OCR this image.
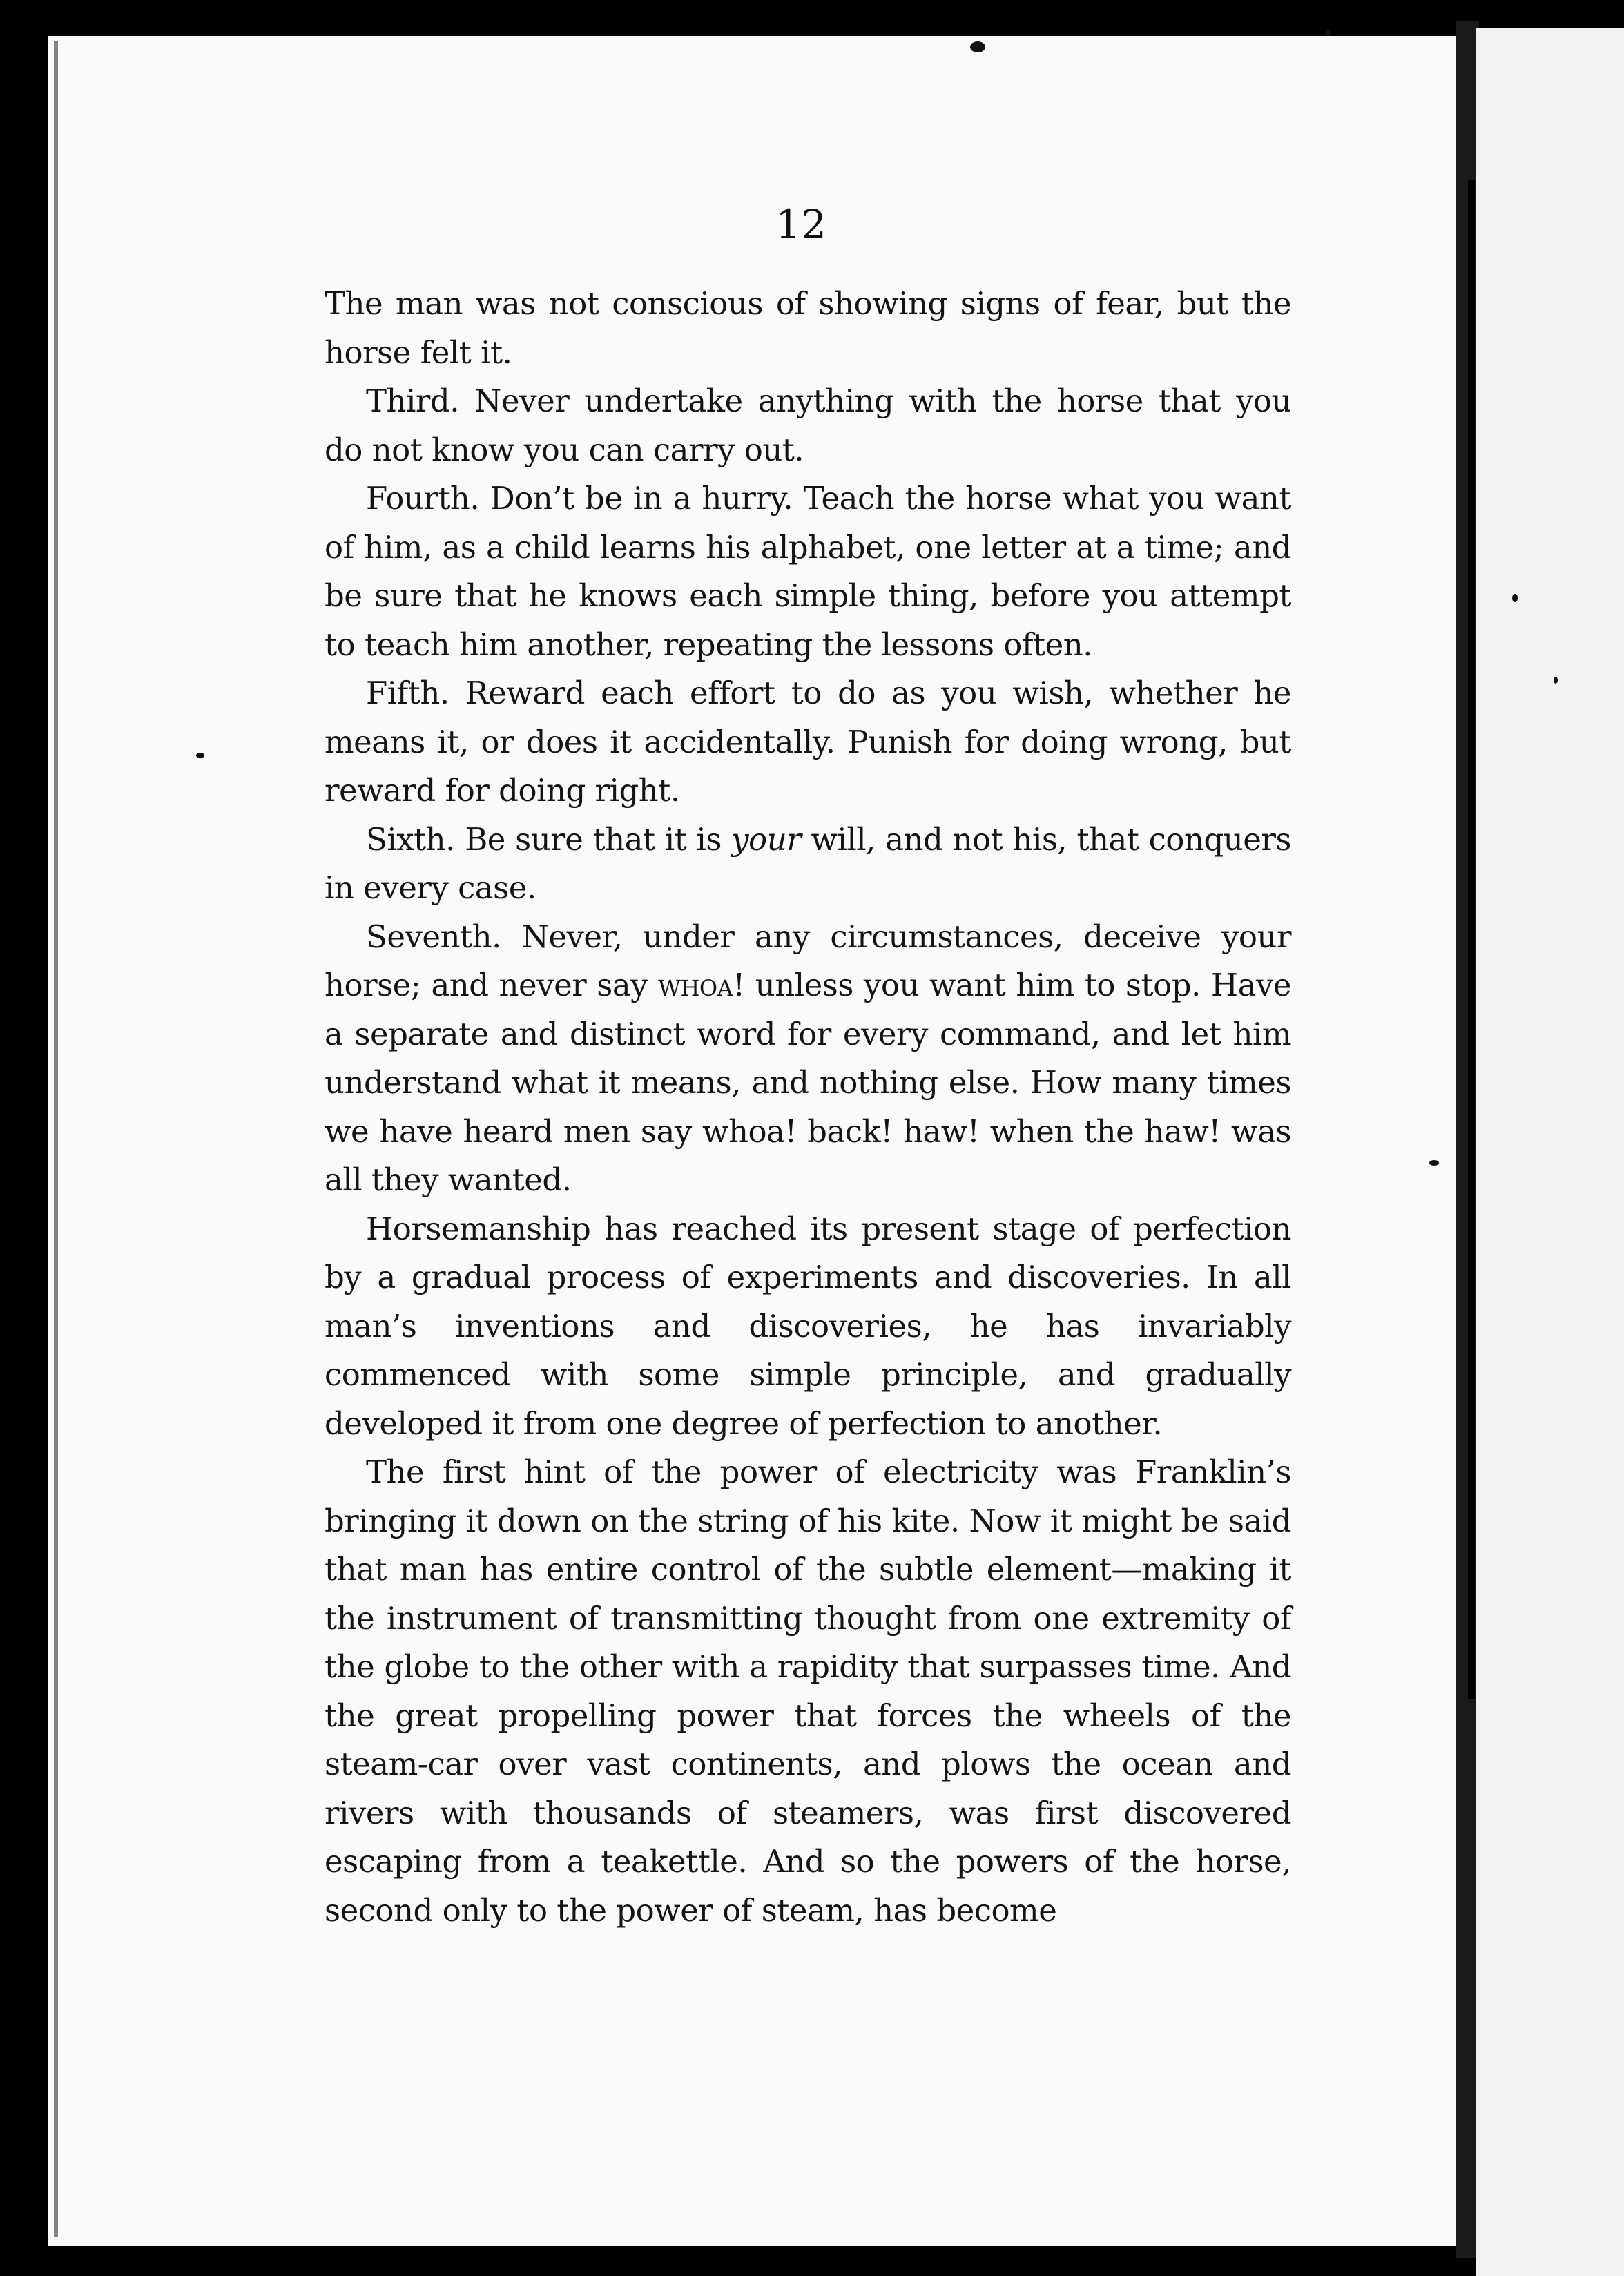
12

The man was not conscious of showing signs of fear, but the horse felt it.

Third. Never undertake anything with the horse that you do not know you can carry out.

Fourth. Don’t be in a hurry. Teach the horse what you want of him, as a child learns his alphabet, one letter at a time; and be sure that he knows each simple thing, before you attempt to teach him another, repeating the lessons often.

Fifth. Reward each effort to do as you wish, whether he means it, or does it accidentally. Punish for doing wrong, but reward for doing right.

Sixth. Be sure that it is your will, and not his, that conquers in every case.

Seventh. Never, under any circumstances, deceive your horse; and never say whoa! unless you want him to stop. Have a separate and distinct word for every command, and let him understand what it means, and nothing else. How many times we have heard men say whoa! back! haw! when the haw! was all they wanted.

Horsemanship has reached its present stage of perfection by a gradual process of experiments and discoveries. In all man’s inventions and discoveries, he has invariably commenced with some simple principle, and gradually developed it from one degree of perfection to another.

The first hint of the power of electricity was Franklin’s bringing it down on the string of his kite. Now it might be said that man has entire control of the subtle element—making it the instrument of transmitting thought from one extremity of the globe to the other with a rapidity that surpasses time. And the great propelling power that forces the wheels of the steam-car over vast continents, and plows the ocean and rivers with thousands of steamers, was first discovered escaping from a teakettle. And so the powers of the horse, second only to the power of steam, has become
